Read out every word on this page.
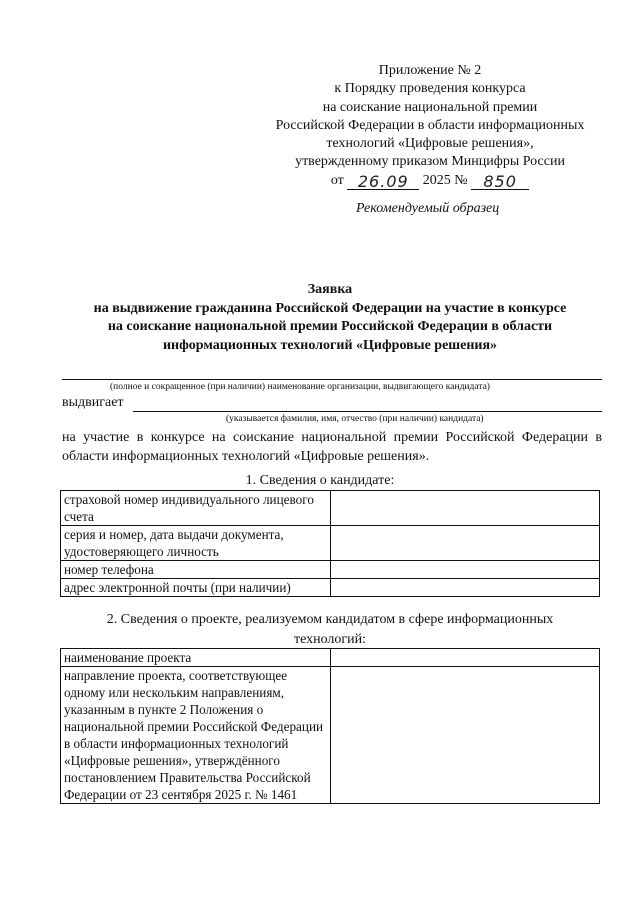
Приложение № 2
к Порядку проведения конкурса
на соискание национальной премии
Российской Федерации в области информационных
технологий «Цифровые решения»,
утвержденному приказом Минцифры России
от 26.09 2025 № 850
Рекомендуемый образец
Заявка
на выдвижение гражданина Российской Федерации на участие в конкурсе
на соискание национальной премии Российской Федерации в области
информационных технологий «Цифровые решения»
(полное и сокращенное (при наличии) наименование организации, выдвигающего кандидата)
выдвигает
(указывается фамилия, имя, отчество (при наличии) кандидата)
на участие в конкурсе на соискание национальной премии Российской Федерации в области информационных технологий «Цифровые решения».
1. Сведения о кандидате:
страховой номер индивидуального лицевого счета	
серия и номер, дата выдачи документа, удостоверяющего личность	
номер телефона	
адрес электронной почты (при наличии)	
2. Сведения о проекте, реализуемом кандидатом в сфере информационных
технологий:
наименование проекта	
направление проекта, соответствующее одному или нескольким направлениям, указанным в пункте 2 Положения о национальной премии Российской Федерации в области информационных технологий «Цифровые решения», утверждённого постановлением Правительства Российской Федерации от 23 сентября 2025 г. № 1461	
